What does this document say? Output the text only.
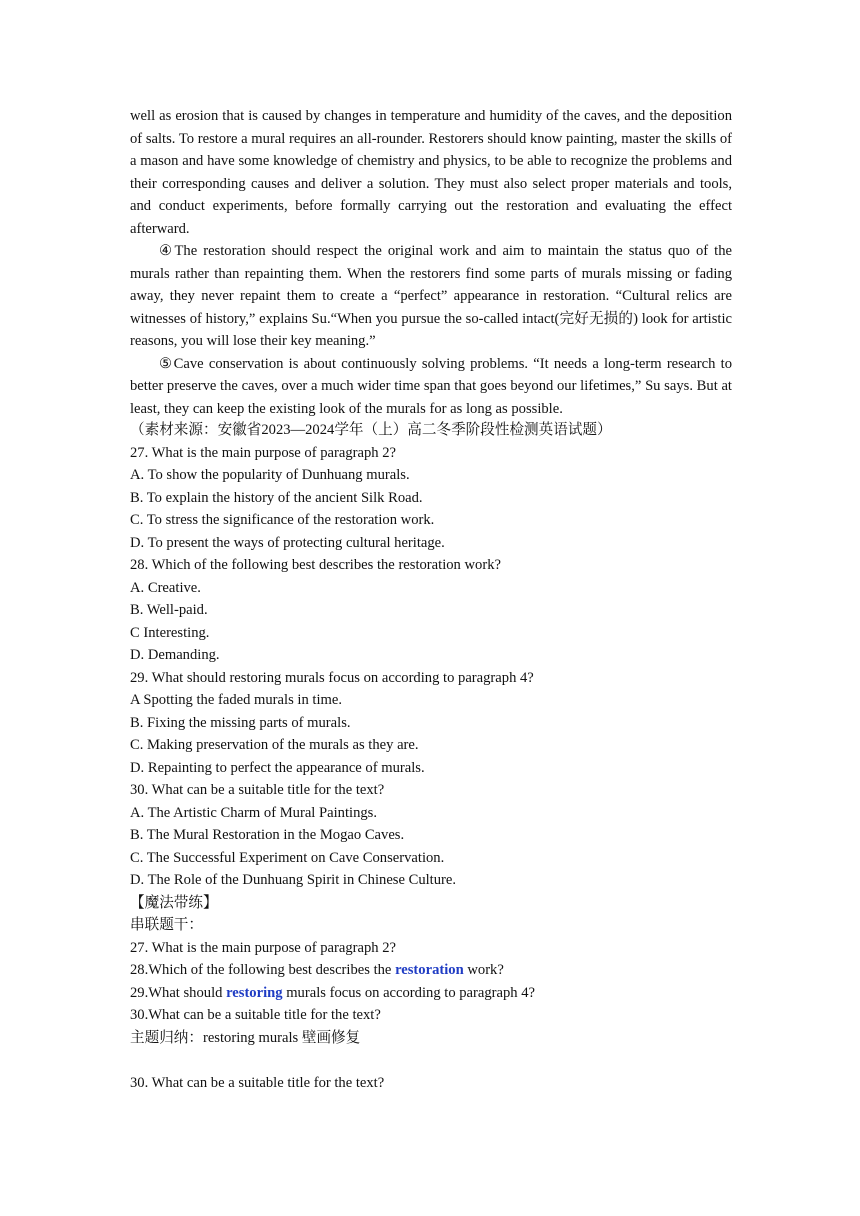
well as erosion that is caused by changes in temperature and humidity of the caves, and the deposition of salts. To restore a mural requires an all-rounder. Restorers should know painting, master the skills of a mason and have some knowledge of chemistry and physics, to be able to recognize the problems and their corresponding causes and deliver a solution. They must also select proper materials and tools, and conduct experiments, before formally carrying out the restoration and evaluating the effect afterward.

④The restoration should respect the original work and aim to maintain the status quo of the murals rather than repainting them. When the restorers find some parts of murals missing or fading away, they never repaint them to create a “perfect” appearance in restoration. “Cultural relics are witnesses of history,” explains Su.“When you pursue the so-called intact(完好无损的) look for artistic reasons, you will lose their key meaning.”

⑤Cave conservation is about continuously solving problems. “It needs a long-term research to better preserve the caves, over a much wider time span that goes beyond our lifetimes,” Su says. But at least, they can keep the existing look of the murals for as long as possible.

（素材来源：安徽省2023—2024学年（上）高二冬季阶段性检测英语试题）
27. What is the main purpose of paragraph 2?
A. To show the popularity of Dunhuang murals.
B. To explain the history of the ancient Silk Road.
C. To stress the significance of the restoration work.
D. To present the ways of protecting cultural heritage.
28. Which of the following best describes the restoration work?
A. Creative.
B. Well-paid.
C Interesting.
D. Demanding.
29. What should restoring murals focus on according to paragraph 4?
A Spotting the faded murals in time.
B. Fixing the missing parts of murals.
C. Making preservation of the murals as they are.
D. Repainting to perfect the appearance of murals.
30. What can be a suitable title for the text?
A. The Artistic Charm of Mural Paintings.
B. The Mural Restoration in the Mogao Caves.
C. The Successful Experiment on Cave Conservation.
D. The Role of the Dunhuang Spirit in Chinese Culture.
【魔法带练】
串联题干：
27. What is the main purpose of paragraph 2?
28.Which of the following best describes the restoration work?
29.What should restoring murals focus on according to paragraph 4?
30.What can be a suitable title for the text?
主题归纳：restoring murals 壁画修复
30. What can be a suitable title for the text?
